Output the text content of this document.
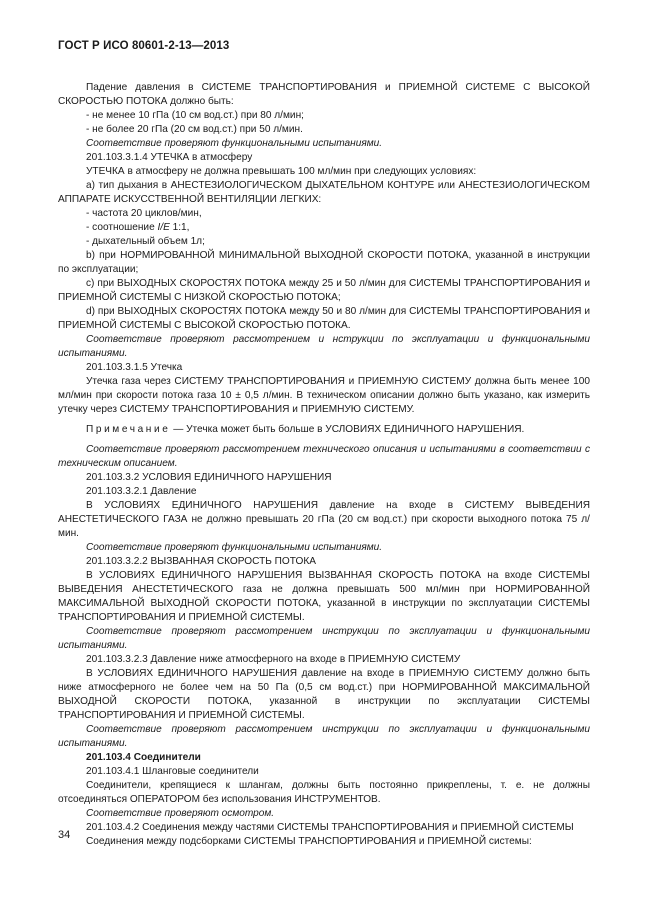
ГОСТ Р ИСО 80601-2-13—2013

Падение давления в СИСТЕМЕ ТРАНСПОРТИРОВАНИЯ и ПРИЕМНОЙ СИСТЕМЕ С ВЫСОКОЙ СКОРОСТЬЮ ПОТОКА должно быть:

- не менее 10 гПа (10 см вод.ст.) при 80 л/мин;

- не более 20 гПа (20 см вод.ст.) при 50 л/мин.

Соответствие проверяют функциональными испытаниями.

201.103.3.1.4 УТЕЧКА в атмосферу

УТЕЧКА в атмосферу не должна превышать 100 мл/мин при следующих условиях:

а) тип дыхания в АНЕСТЕЗИОЛОГИЧЕСКОМ ДЫХАТЕЛЬНОМ КОНТУРЕ или АНЕСТЕЗИОЛОГИЧЕСКОМ АППАРАТЕ ИСКУССТВЕННОЙ ВЕНТИЛЯЦИИ ЛЕГКИХ:

- частота 20 циклов/мин,

- соотношение I/E 1:1,

- дыхательный объем 1л;

b) при НОРМИРОВАННОЙ МИНИМАЛЬНОЙ ВЫХОДНОЙ СКОРОСТИ ПОТОКА, указанной в инструкции по эксплуатации;

c) при ВЫХОДНЫХ СКОРОСТЯХ ПОТОКА между 25 и 50 л/мин для СИСТЕМЫ ТРАНСПОРТИРОВАНИЯ и ПРИЕМНОЙ СИСТЕМЫ С НИЗКОЙ СКОРОСТЬЮ ПОТОКА;

d) при ВЫХОДНЫХ СКОРОСТЯХ ПОТОКА между 50 и 80 л/мин для СИСТЕМЫ ТРАНСПОРТИРОВАНИЯ и ПРИЕМНОЙ СИСТЕМЫ С ВЫСОКОЙ СКОРОСТЬЮ ПОТОКА.

Соответствие проверяют рассмотрением и нструкции по эксплуатации и функциональными испытаниями.

201.103.3.1.5 Утечка

Утечка газа через СИСТЕМУ ТРАНСПОРТИРОВАНИЯ и ПРИЕМНУЮ СИСТЕМУ должна быть менее 100 мл/мин при скорости потока газа 10 ± 0,5 л/мин. В техническом описании должно быть указано, как измерить утечку через СИСТЕМУ ТРАНСПОРТИРОВАНИЯ и ПРИЕМНУЮ СИСТЕМУ.

Примечание — Утечка может быть больше в УСЛОВИЯХ ЕДИНИЧНОГО НАРУШЕНИЯ.

Соответствие проверяют рассмотрением технического описания и испытаниями в соответствии с техническим описанием.

201.103.3.2 УСЛОВИЯ ЕДИНИЧНОГО НАРУШЕНИЯ

201.103.3.2.1 Давление

В УСЛОВИЯХ ЕДИНИЧНОГО НАРУШЕНИЯ давление на входе в СИСТЕМУ ВЫВЕДЕНИЯ АНЕСТЕТИЧЕСКОГО ГАЗА не должно превышать 20 гПа (20 см вод.ст.) при скорости выходного потока 75 л/мин.

Соответствие проверяют функциональными испытаниями.

201.103.3.2.2 ВЫЗВАННАЯ СКОРОСТЬ ПОТОКА

В УСЛОВИЯХ ЕДИНИЧНОГО НАРУШЕНИЯ ВЫЗВАННАЯ СКОРОСТЬ ПОТОКА на входе СИСТЕМЫ ВЫВЕДЕНИЯ АНЕСТЕТИЧЕСКОГО газа не должна превышать 500 мл/мин при НОРМИРОВАННОЙ МАКСИМАЛЬНОЙ ВЫХОДНОЙ СКОРОСТИ ПОТОКА, указанной в инструкции по эксплуатации СИСТЕМЫ ТРАНСПОРТИРОВАНИЯ И ПРИЕМНОЙ СИСТЕМЫ.

Соответствие проверяют рассмотрением инструкции по эксплуатации и функциональными испытаниями.

201.103.3.2.3 Давление ниже атмосферного на входе в ПРИЕМНУЮ СИСТЕМУ

В УСЛОВИЯХ ЕДИНИЧНОГО НАРУШЕНИЯ давление на входе в ПРИЕМНУЮ СИСТЕМУ должно быть ниже атмосферного не более чем на 50 Па (0,5 см вод.ст.) при НОРМИРОВАННОЙ МАКСИМАЛЬНОЙ ВЫХОДНОЙ СКОРОСТИ ПОТОКА, указанной в инструкции по эксплуатации СИСТЕМЫ ТРАНСПОРТИРОВАНИЯ И ПРИЕМНОЙ СИСТЕМЫ.

Соответствие проверяют рассмотрением инструкции по эксплуатации и функциональными испытаниями.

201.103.4 Соединители

201.103.4.1 Шланговые соединители

Соединители, крепящиеся к шлангам, должны быть постоянно прикреплены, т. е. не должны отсоединяться ОПЕРАТОРОМ без использования ИНСТРУМЕНТОВ.

Соответствие проверяют осмотром.

201.103.4.2 Соединения между частями СИСТЕМЫ ТРАНСПОРТИРОВАНИЯ и ПРИЕМНОЙ СИСТЕМЫ

Соединения между подсборками СИСТЕМЫ ТРАНСПОРТИРОВАНИЯ и ПРИЕМНОЙ системы:

34
